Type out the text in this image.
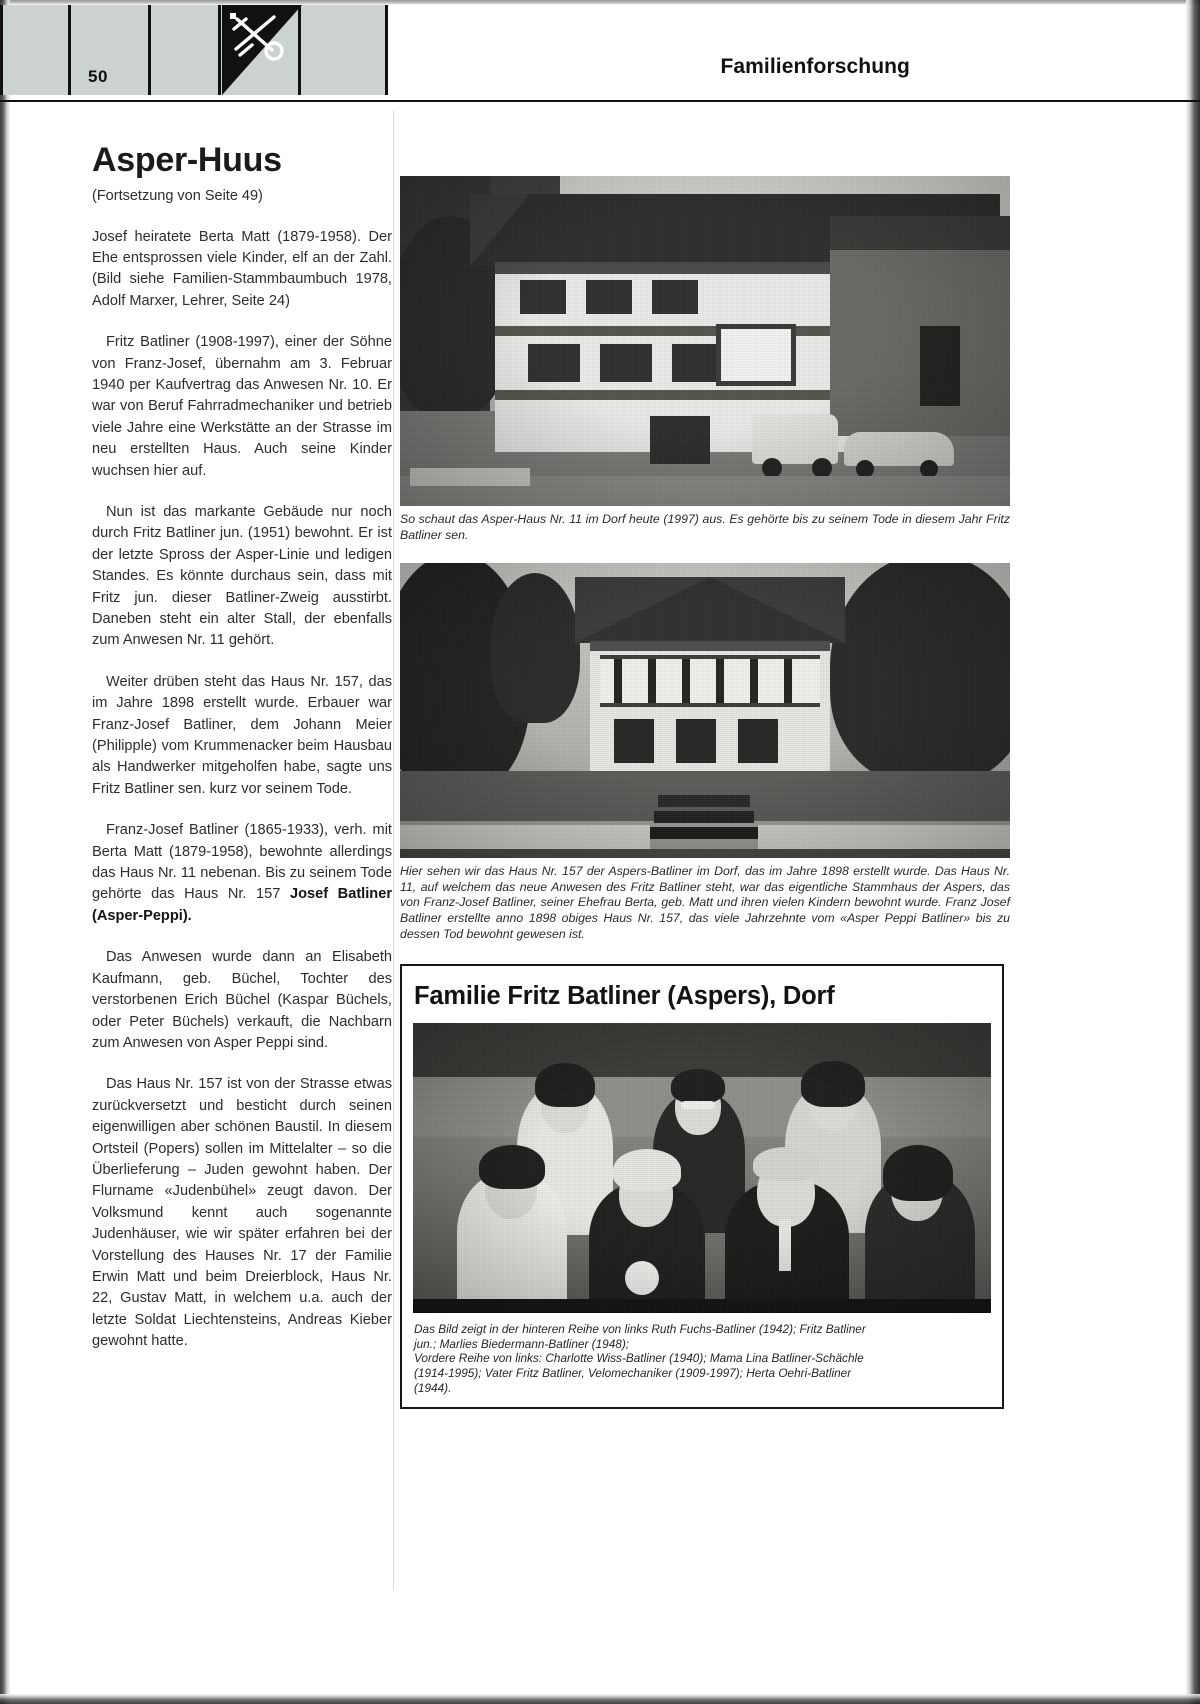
50	Familienforschung
Asper-Huus
(Fortsetzung von Seite 49)

Josef heiratete Berta Matt (1879-1958). Der Ehe entsprossen viele Kinder, elf an der Zahl. (Bild siehe Familien-Stammbaumbuch 1978, Adolf Marxer, Lehrer, Seite 24)

Fritz Batliner (1908-1997), einer der Söhne von Franz-Josef, übernahm am 3. Februar 1940 per Kaufvertrag das Anwesen Nr. 10. Er war von Beruf Fahrradmechaniker und betrieb viele Jahre eine Werkstätte an der Strasse im neu erstellten Haus. Auch seine Kinder wuchsen hier auf.

Nun ist das markante Gebäude nur noch durch Fritz Batliner jun. (1951) bewohnt. Er ist der letzte Spross der Asper-Linie und ledigen Standes. Es könnte durchaus sein, dass mit Fritz jun. dieser Batliner-Zweig ausstirbt. Daneben steht ein alter Stall, der ebenfalls zum Anwesen Nr. 11 gehört.

Weiter drüben steht das Haus Nr. 157, das im Jahre 1898 erstellt wurde. Erbauer war Franz-Josef Batliner, dem Johann Meier (Philipple) vom Krummenacker beim Hausbau als Handwerker mitgeholfen habe, sagte uns Fritz Batliner sen. kurz vor seinem Tode.

Franz-Josef Batliner (1865-1933), verh. mit Berta Matt (1879-1958), bewohnte allerdings das Haus Nr. 11 nebenan. Bis zu seinem Tode gehörte das Haus Nr. 157 Josef Batliner (Asper-Peppi).

Das Anwesen wurde dann an Elisabeth Kaufmann, geb. Büchel, Tochter des verstorbenen Erich Büchel (Kaspar Büchels, oder Peter Büchels) verkauft, die Nachbarn zum Anwesen von Asper Peppi sind.

Das Haus Nr. 157 ist von der Strasse etwas zurückversetzt und besticht durch seinen eigenwilligen aber schönen Baustil. In diesem Ortsteil (Popers) sollen im Mittelalter – so die Überlieferung – Juden gewohnt haben. Der Flurname «Judenbühel» zeugt davon. Der Volksmund kennt auch sogenannte Judenhäuser, wie wir später erfahren bei der Vorstellung des Hauses Nr. 17 der Familie Erwin Matt und beim Dreierblock, Haus Nr. 22, Gustav Matt, in welchem u.a. auch der letzte Soldat Liechtensteins, Andreas Kieber gewohnt hatte.

So schaut das Asper-Haus Nr. 11 im Dorf heute (1997) aus. Es gehörte bis zu seinem Tode in diesem Jahr Fritz Batliner sen.

Hier sehen wir das Haus Nr. 157 der Aspers-Batliner im Dorf, das im Jahre 1898 erstellt wurde. Das Haus Nr. 11, auf welchem das neue Anwesen des Fritz Batliner steht, war das eigentliche Stammhaus der Aspers, das von Franz-Josef Batliner, seiner Ehefrau Berta, geb. Matt und ihren vielen Kindern bewohnt wurde. Franz Josef Batliner erstellte anno 1898 obiges Haus Nr. 157, das viele Jahrzehnte vom «Asper Peppi Batliner» bis zu dessen Tod bewohnt gewesen ist.

Familie Fritz Batliner (Aspers), Dorf
Das Bild zeigt in der hinteren Reihe von links Ruth Fuchs-Batliner (1942); Fritz Batliner
jun.; Marlies Biedermann-Batliner (1948);
Vordere Reihe von links: Charlotte Wiss-Batliner (1940); Mama Lina Batliner-Schächle
(1914-1995); Vater Fritz Batliner, Velomechaniker (1909-1997); Herta Oehri-Batliner
(1944).
